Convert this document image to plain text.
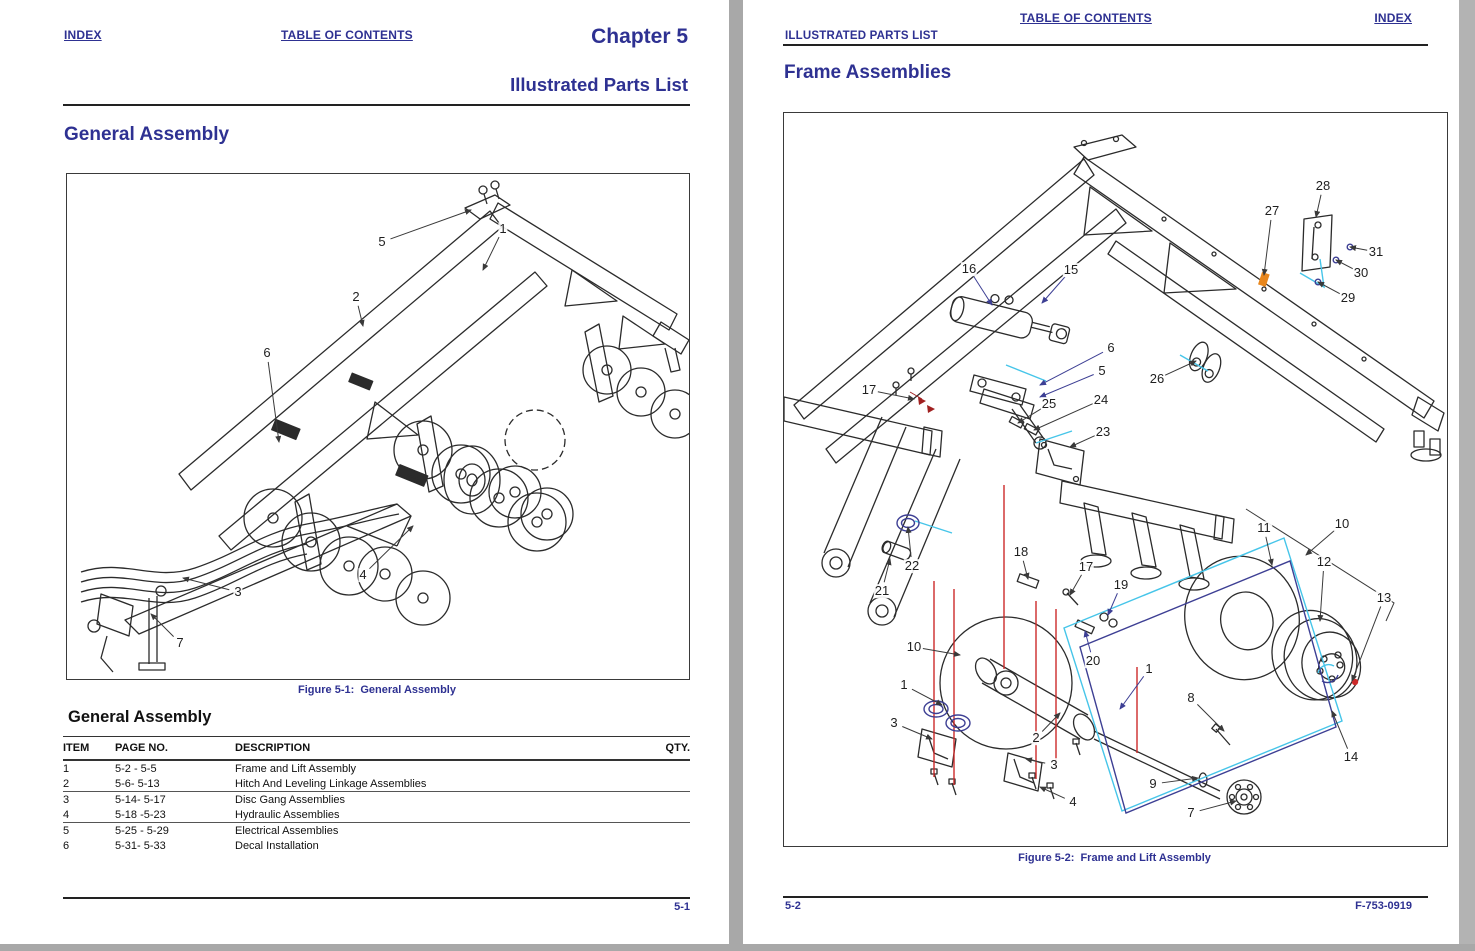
INDEX	TABLE OF CONTENTS	Chapter 5
Illustrated Parts List
General Assembly
5
1
2
6
3
4
7
Figure 5-1:  General Assembly
General Assembly
ITEM	PAGE NO.	DESCRIPTION	QTY.
1	5-2 - 5-5	Frame and Lift Assembly	
2	5-6- 5-13	Hitch And Leveling Linkage Assemblies	
3	5-14- 5-17	Disc Gang Assemblies	
4	5-18 -5-23	Hydraulic Assemblies	
5	5-25 - 5-29	Electrical Assemblies	
6	5-31- 5-33	Decal Installation	
5-1
TABLE OF CONTENTS	INDEX
ILLUSTRATED PARTS LIST
Frame Assemblies
16	15
28
27
31
30
29
26
6
5
17
25	24
23
22
21
18
17
19
10
1
3
2
3
4
20
1
8
9
7
11	10
12
13
14
Figure 5-2:  Frame and Lift Assembly
5-2	F-753-0919
